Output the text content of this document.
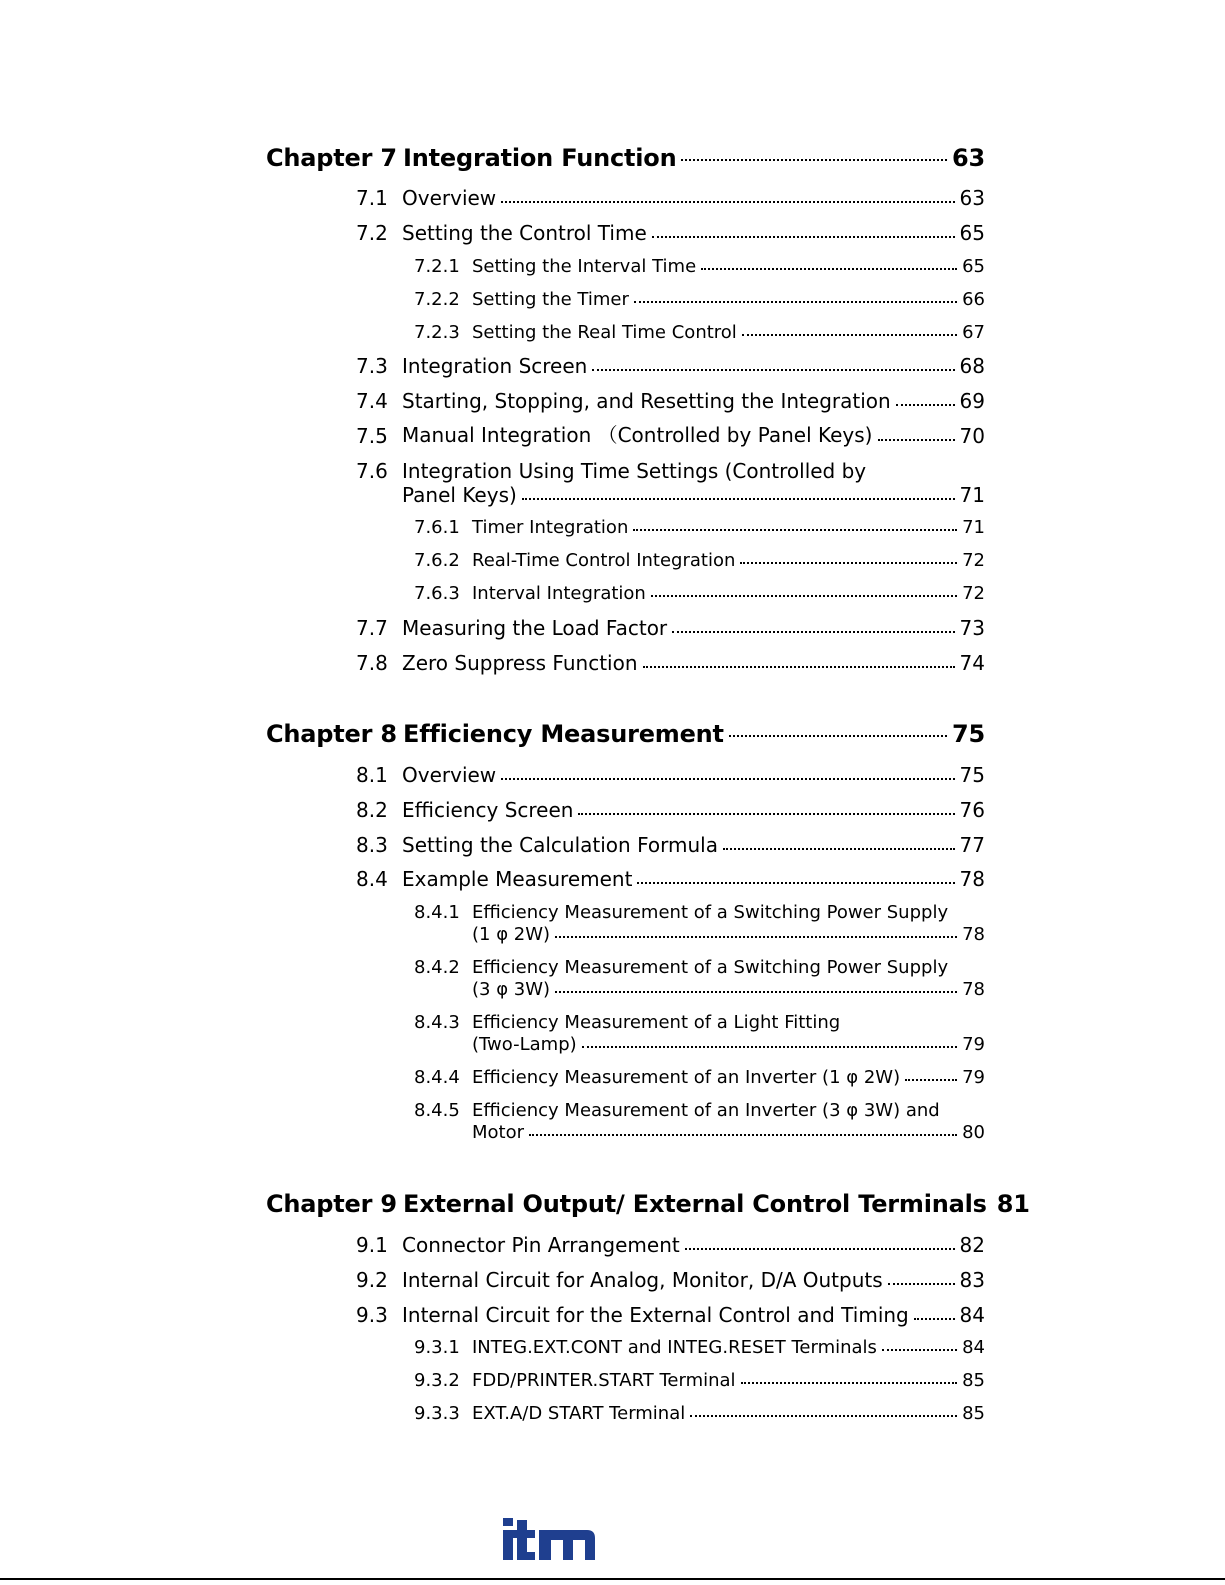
Chapter 7 Integration Function	63
7.1 Overview	63
7.2 Setting the Control Time	65
7.2.1 Setting the Interval Time	65
7.2.2 Setting the Timer	66
7.2.3 Setting the Real Time Control	67
7.3 Integration Screen	68
7.4 Starting, Stopping, and Resetting the Integration	69
7.5 Manual Integration （Controlled by Panel Keys)	70
7.6 Integration Using Time Settings (Controlled by
Panel Keys)	71
7.6.1 Timer Integration	71
7.6.2 Real-Time Control Integration	72
7.6.3 Interval Integration	72
7.7 Measuring the Load Factor	73
7.8 Zero Suppress Function	74
Chapter 8 Efficiency Measurement	75
8.1 Overview	75
8.2 Efficiency Screen	76
8.3 Setting the Calculation Formula	77
8.4 Example Measurement	78
8.4.1 Efficiency Measurement of a Switching Power Supply
(1 φ 2W)	78
8.4.2 Efficiency Measurement of a Switching Power Supply
(3 φ 3W)	78
8.4.3 Efficiency Measurement of a Light Fitting
(Two-Lamp)	79
8.4.4 Efficiency Measurement of an Inverter (1 φ 2W)	79
8.4.5 Efficiency Measurement of an Inverter (3 φ 3W) and
Motor	80
Chapter 9 External Output/ External Control Terminals 81
9.1 Connector Pin Arrangement	82
9.2 Internal Circuit for Analog, Monitor, D/A Outputs	83
9.3 Internal Circuit for the External Control and Timing	84
9.3.1 INTEG.EXT.CONT and INTEG.RESET Terminals	84
9.3.2 FDD/PRINTER.START Terminal	85
9.3.3 EXT.A/D START Terminal	85
